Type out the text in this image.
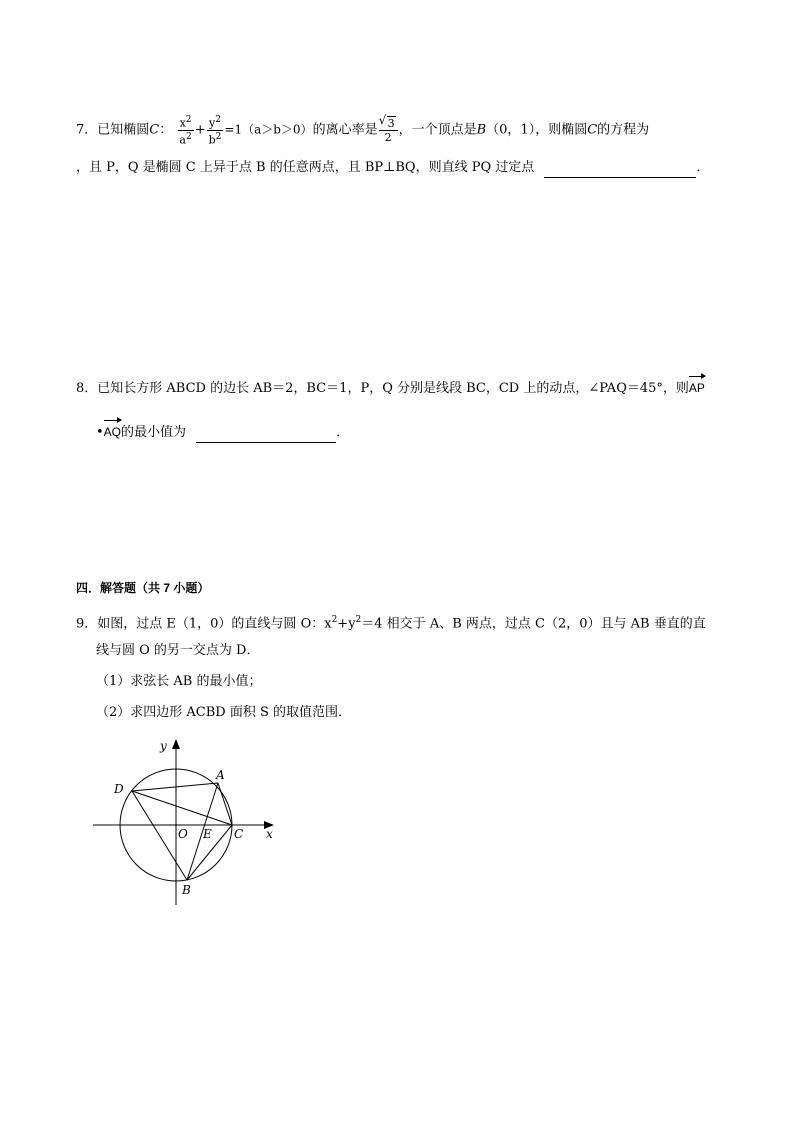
7．已知椭圆C： $\frac{x^2}{a^2} + \frac{y^2}{b^2} =1(a>b>0)$的离心率是
√ $\frac{3}{2}$ ，一个顶点是B（0，1），则椭圆C的方程为
，且 P，Q 是椭圆 C 上异于点 B 的任意两点，且 BP⊥BQ，则直线 PQ 过定点	．
8．已知长方形 ABCD 的边长 AB＝2，BC＝1，P，Q 分别是线段 BC，CD 上的动点，∠PAQ＝45°，则AP
•AQ的最小值为	．
四．解答题（共 7 小题）
9．如图，过点 E（1，0）的直线与圆 O：$x^2+y^2=4$ 相交于 A、B 两点，过点 C（2，0）且与 AB 垂直的直
线与圆 O 的另一交点为 D．
（1）求弦长 AB 的最小值；
（2）求四边形 ACBD 面积 S 的取值范围．
y
x
A
D
O E C
B
